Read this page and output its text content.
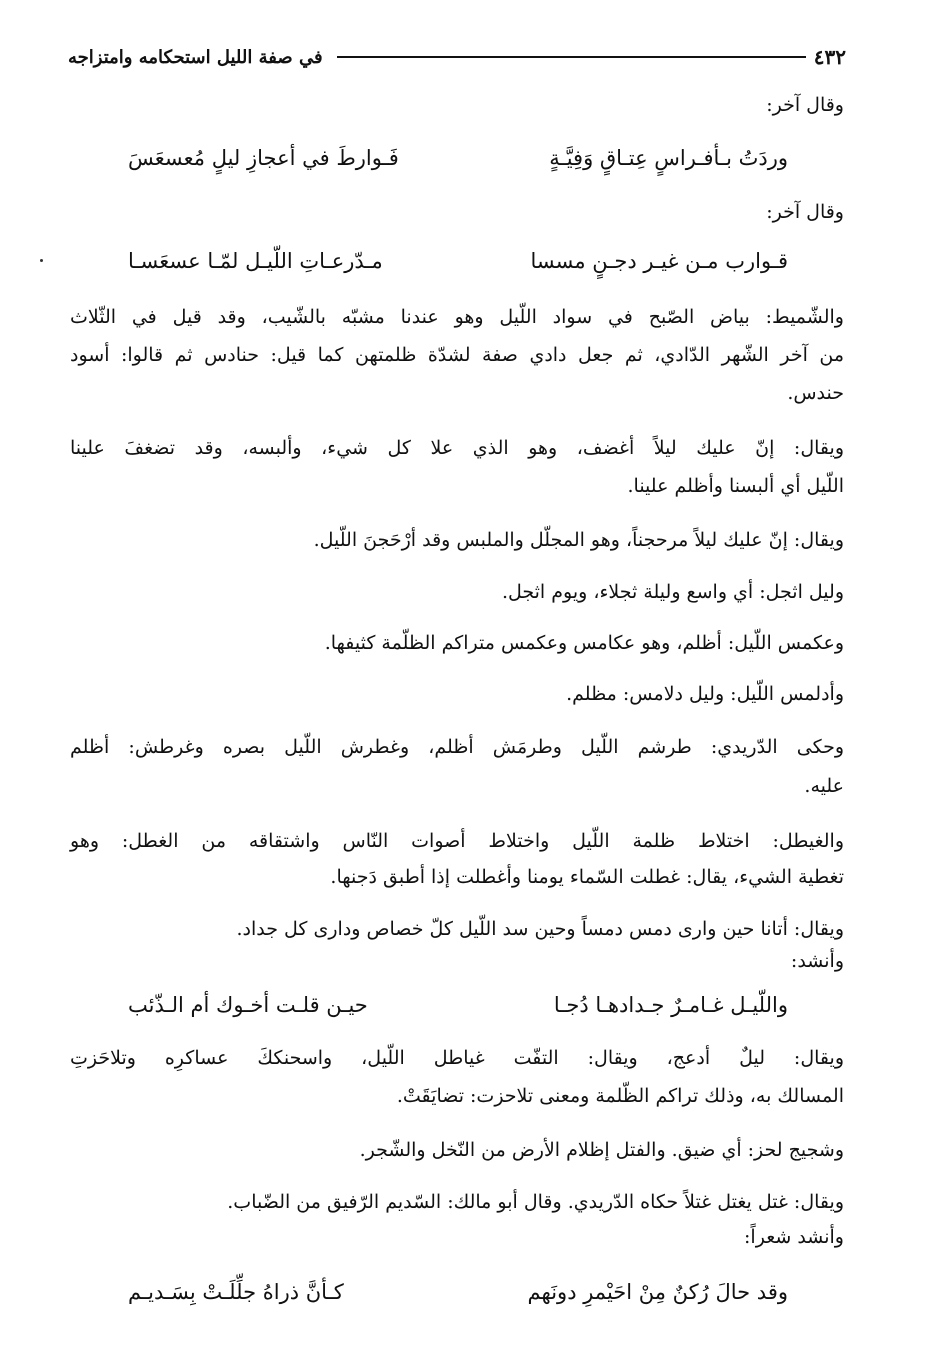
٤٣٢
في صفة الليل استحكامه وامتزاجه
وقال آخر:
وردَتُ بـأفـراسٍ عِتـاقٍ وَفِيَّـةٍ
فَـوارطَ في أعجازِ ليلٍ مُعسعَسَ
وقال آخر:
قـوارب مـن غيـر دجـنٍ مسسا
مـدّرعـاتِ اللّيـل لمّـا عسعَسـا
والشّميط: بياض الصّبح في سواد اللّيل وهو عندنا مشبّه بالشّيب، وقد قيل في الثّلاث
من آخر الشّهر الدّادي، ثم جعل دادي صفة لشدّة ظلمتهن كما قيل: حنادس ثم قالوا: أسود
حندس.
ويقال: إنّ عليك ليلاً أغضف، وهو الذي علا كل شيء، وألبسه، وقد تضغفَ علينا
اللّيل أي ألبسنا وأظلم علينا.
ويقال: إنّ عليك ليلاً مرحجناً، وهو المجلّل والملبس وقد أرْحَجنَ اللّيل.
وليل اثجل: أي واسع وليلة ثجلاء، ويوم اثجل.
وعكمس اللّيل: أظلم، وهو عكامس وعكمس متراكم الظلّمة كثيفها.
وأدلمس اللّيل: وليل دلامس: مظلم.
وحكى الدّريدي: طرشم اللّيل وطرمَش أظلم، وغطرش اللّيل بصره وغرطش: أظلم
عليه.
والغيطل: اختلاط ظلمة اللّيل واختلاط أصوات النّاس واشتقاقه من الغطل: وهو
تغطية الشيء، يقال: غطلت السّماء يومنا وأغطلت إذا أطبق دَجنها.
ويقال: أتانا حين وارى دمس دمساً وحين سد اللّيل كلّ خصاص ودارى كل جداد.
وأنشد:
واللّيـل غـامـرٌ جـدادهـا دُجـا
حيـن قلـت أخـوك أم الـذّئب
ويقال: ليلٌ أدعج، ويقال: التفّت غياطل اللّيل، واسحنككَ عساكرِه وتلاحَزتِ
المسالك به، وذلك تراكم الظّلمة ومعنى تلاحزت: تضايَقَتْ.
وشجيج لحز: أي ضيق. والفتل إظلام الأرض من النّخل والشّجر.
ويقال: غتل يغتل غتلاً حكاه الدّريدي. وقال أبو مالك: السّديم الرّفيق من الضّباب.
وأنشد شعراً:
وقد حالَ رُكنٌ مِنْ احَيْمرِ دونَهم
كـأنَّ ذراهُ جلِّلَـتْ بِسَـديـم
